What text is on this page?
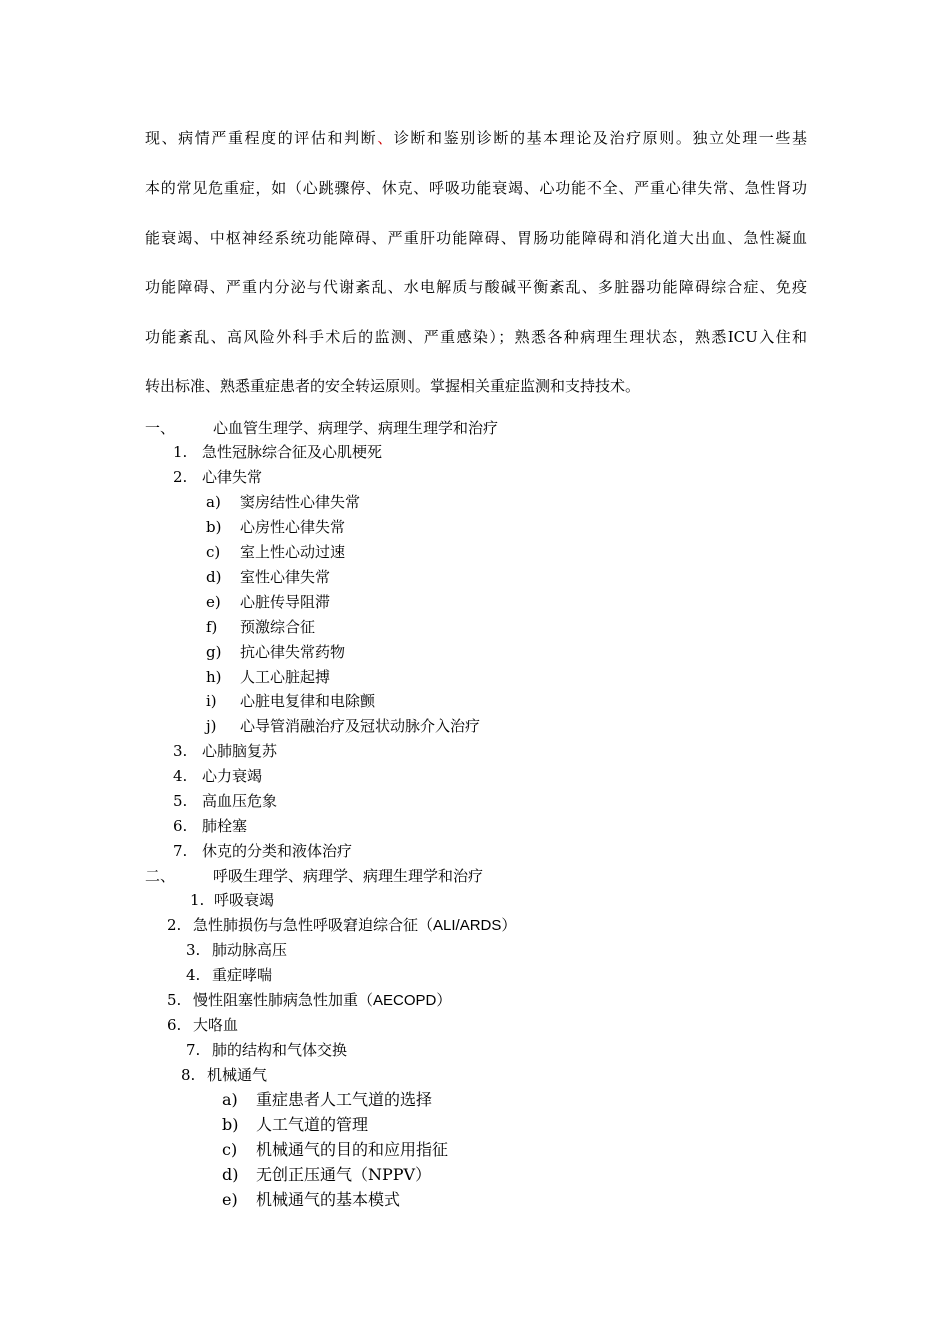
现、病情严重程度的评估和判断、诊断和鉴别诊断的基本理论及治疗原则。独立处理一些基
本的常见危重症，如（心跳骤停、休克、呼吸功能衰竭、心功能不全、严重心律失常、急性肾功
能衰竭、中枢神经系统功能障碍、严重肝功能障碍、胃肠功能障碍和消化道大出血、急性凝血
功能障碍、严重内分泌与代谢紊乱、水电解质与酸碱平衡紊乱、多脏器功能障碍综合症、免疫
功能紊乱、高风险外科手术后的监测、严重感染）；熟悉各种病理生理状态，熟悉ICU入住和
转出标准、熟悉重症患者的安全转运原则。掌握相关重症监测和支持技术。
一、	心血管生理学、病理学、病理生理学和治疗
1. 急性冠脉综合征及心肌梗死
2. 心律失常
a) 窦房结性心律失常
b) 心房性心律失常
c) 室上性心动过速
d) 室性心律失常
e) 心脏传导阻滞
f) 预激综合征
g) 抗心律失常药物
h) 人工心脏起搏
i) 心脏电复律和电除颤
j) 心导管消融治疗及冠状动脉介入治疗
3. 心肺脑复苏
4. 心力衰竭
5. 高血压危象
6. 肺栓塞
7. 休克的分类和液体治疗
二、	呼吸生理学、病理学、病理生理学和治疗
1. 呼吸衰竭
2. 急性肺损伤与急性呼吸窘迫综合征（ALI/ARDS）
3. 肺动脉高压
4. 重症哮喘
5. 慢性阻塞性肺病急性加重（AECOPD）
6. 大咯血
7. 肺的结构和气体交换
8. 机械通气
a) 重症患者人工气道的选择
b) 人工气道的管理
c) 机械通气的目的和应用指征
d) 无创正压通气（NPPV）
e) 机械通气的基本模式
